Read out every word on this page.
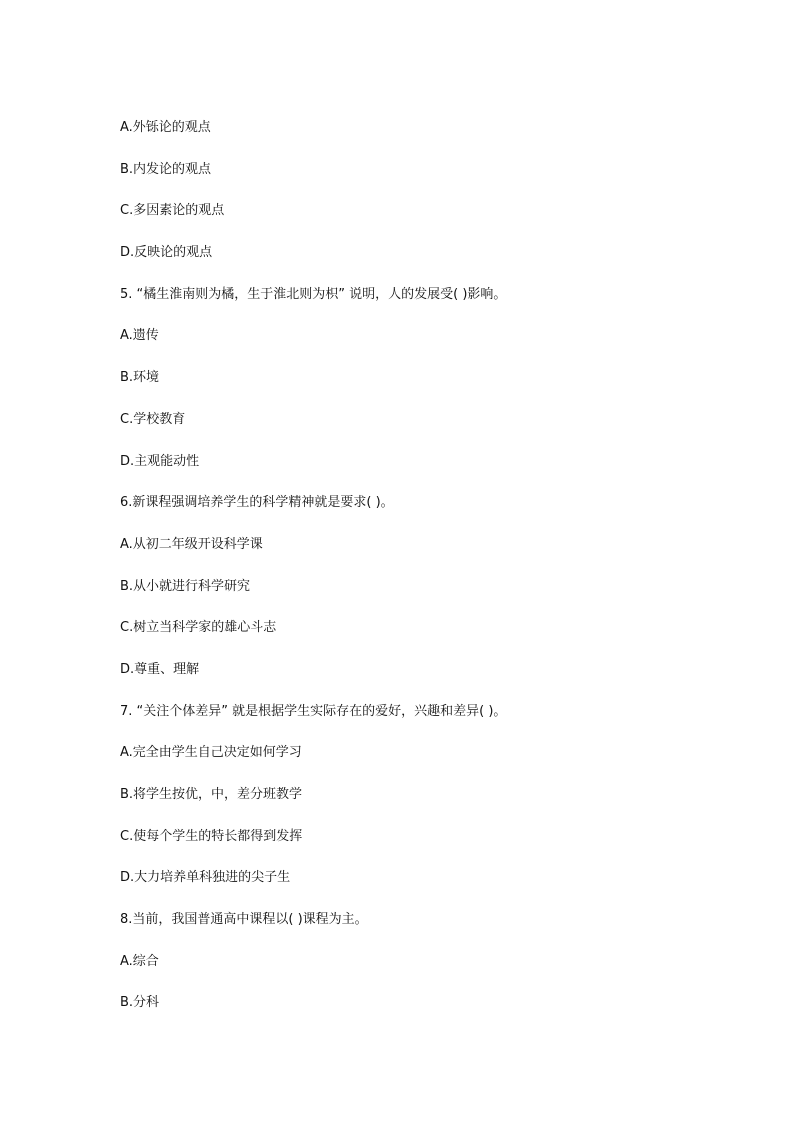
A.外铄论的观点
B.内发论的观点
C.多因素论的观点
D.反映论的观点
5. “橘生淮南则为橘，生于淮北则为枳” 说明，人的发展受( )影响。
A.遗传
B.环境
C.学校教育
D.主观能动性
6.新课程强调培养学生的科学精神就是要求( )。
A.从初二年级开设科学课
B.从小就进行科学研究
C.树立当科学家的雄心斗志
D.尊重、理解
7. “关注个体差异” 就是根据学生实际存在的爱好，兴趣和差异( )。
A.完全由学生自己决定如何学习
B.将学生按优，中，差分班教学
C.使每个学生的特长都得到发挥
D.大力培养单科独进的尖子生
8.当前，我国普通高中课程以( )课程为主。
A.综合
B.分科
